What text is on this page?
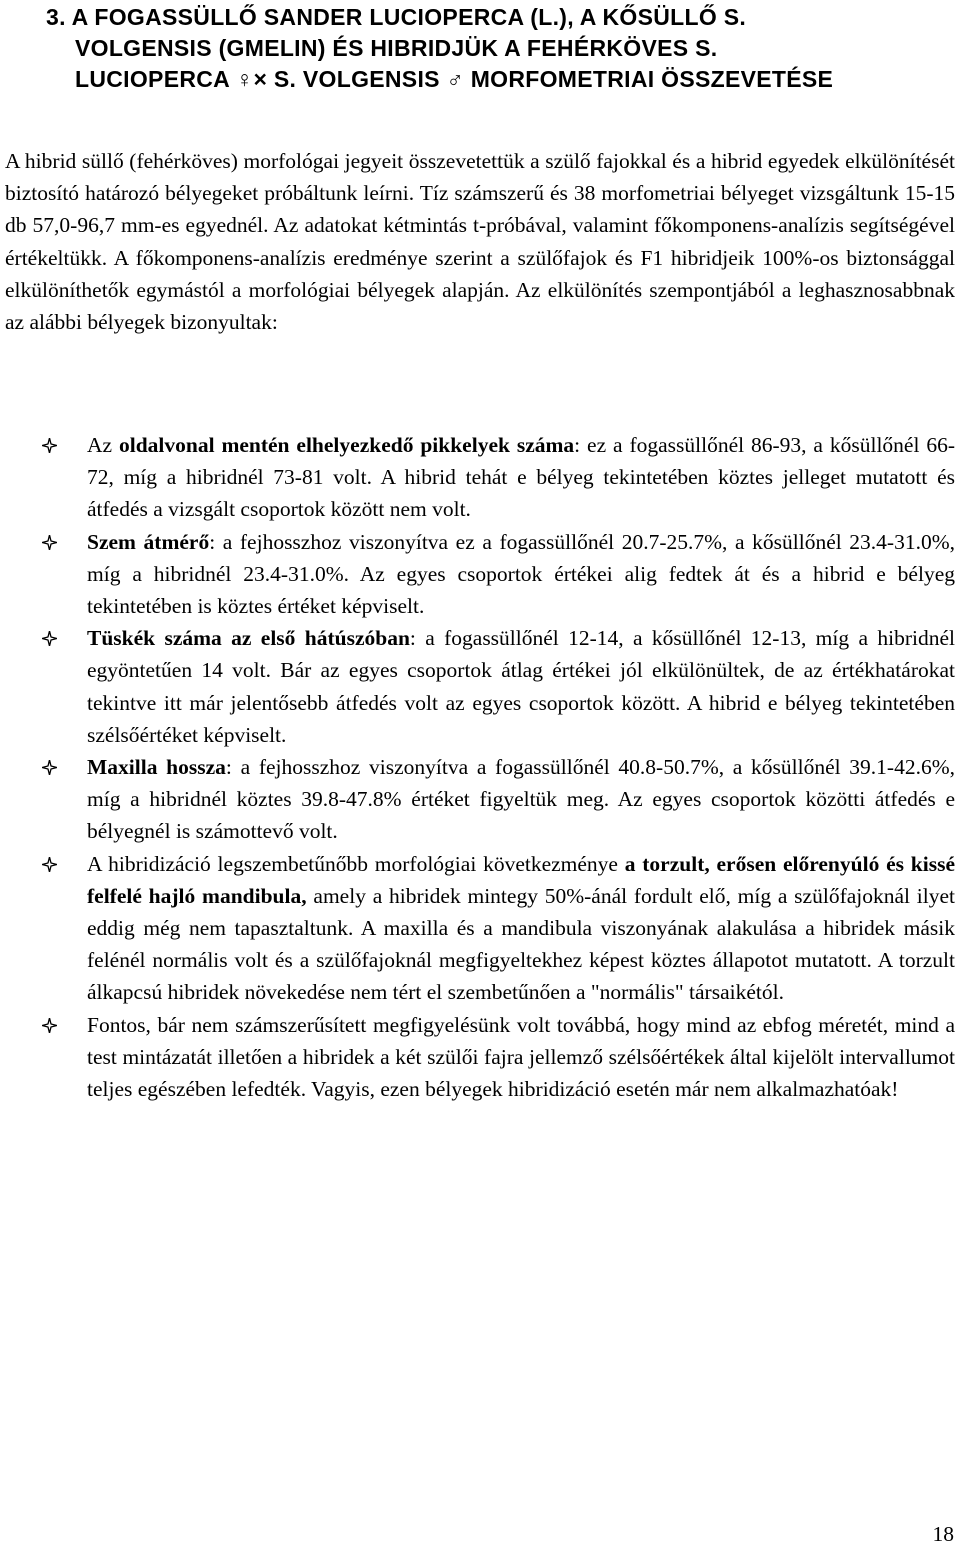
3. A FOGASSÜLLŐ SANDER LUCIOPERCA (L.), A KŐSÜLLŐ S.
VOLGENSIS (GMELIN) ÉS HIBRIDJÜK A FEHÉRKÖVES S.
LUCIOPERCA ♀× S. VOLGENSIS ♂ MORFOMETRIAI ÖSSZEVETÉSE

A hibrid süllő (fehérköves) morfológai jegyeit összevetettük a szülő fajokkal és a hibrid egyedek elkülönítését biztosító határozó bélyegeket próbáltunk leírni. Tíz számszerű és 38 morfometriai bélyeget vizsgáltunk 15-15 db 57,0-96,7 mm-es egyednél. Az adatokat kétmintás t-próbával, valamint főkomponens-analízis segítségével értékeltükk. A főkomponens-analízis eredménye szerint a szülőfajok és F1 hibridjeik 100%-os biztonsággal elkülöníthetők egymástól a morfológiai bélyegek alapján. Az elkülönítés szempontjából a leghasznosabbnak az alábbi bélyegek bizonyultak:

Az oldalvonal mentén elhelyezkedő pikkelyek száma: ez a fogassüllőnél 86-93, a kősüllőnél 66-72, míg a hibridnél 73-81 volt. A hibrid tehát e bélyeg tekintetében köztes jelleget mutatott és átfedés a vizsgált csoportok között nem volt.
Szem átmérő: a fejhosszhoz viszonyítva ez a fogassüllőnél 20.7-25.7%, a kősüllőnél 23.4-31.0%, míg a hibridnél 23.4-31.0%. Az egyes csoportok értékei alig fedtek át és a hibrid e bélyeg tekintetében is köztes értéket képviselt.
Tüskék száma az első hátúszóban: a fogassüllőnél 12-14, a kősüllőnél 12-13, míg a hibridnél egyöntetűen 14 volt. Bár az egyes csoportok átlag értékei jól elkülönültek, de az értékhatárokat tekintve itt már jelentősebb átfedés volt az egyes csoportok között. A hibrid e bélyeg tekintetében szélsőértéket képviselt.
Maxilla hossza: a fejhosszhoz viszonyítva a fogassüllőnél 40.8-50.7%, a kősüllőnél 39.1-42.6%, míg a hibridnél köztes 39.8-47.8% értéket figyeltük meg. Az egyes csoportok közötti átfedés e bélyegnél is számottevő volt.
A hibridizáció legszembetűnőbb morfológiai következménye a torzult, erősen előrenyúló és kissé felfelé hajló mandibula, amely a hibridek mintegy 50%-ánál fordult elő, míg a szülőfajoknál ilyet eddig még nem tapasztaltunk. A maxilla és a mandibula viszonyának alakulása a hibridek másik felénél normális volt és a szülőfajoknál megfigyeltekhez képest köztes állapotot mutatott. A torzult álkapcsú hibridek növekedése nem tért el szembetűnően a "normális" társaikétól.
Fontos, bár nem számszerűsített megfigyelésünk volt továbbá, hogy mind az ebfog méretét, mind a test mintázatát illetően a hibridek a két szülői fajra jellemző szélsőértékek által kijelölt intervallumot teljes egészében lefedték. Vagyis, ezen bélyegek hibridizáció esetén már nem alkalmazhatóak!
18
